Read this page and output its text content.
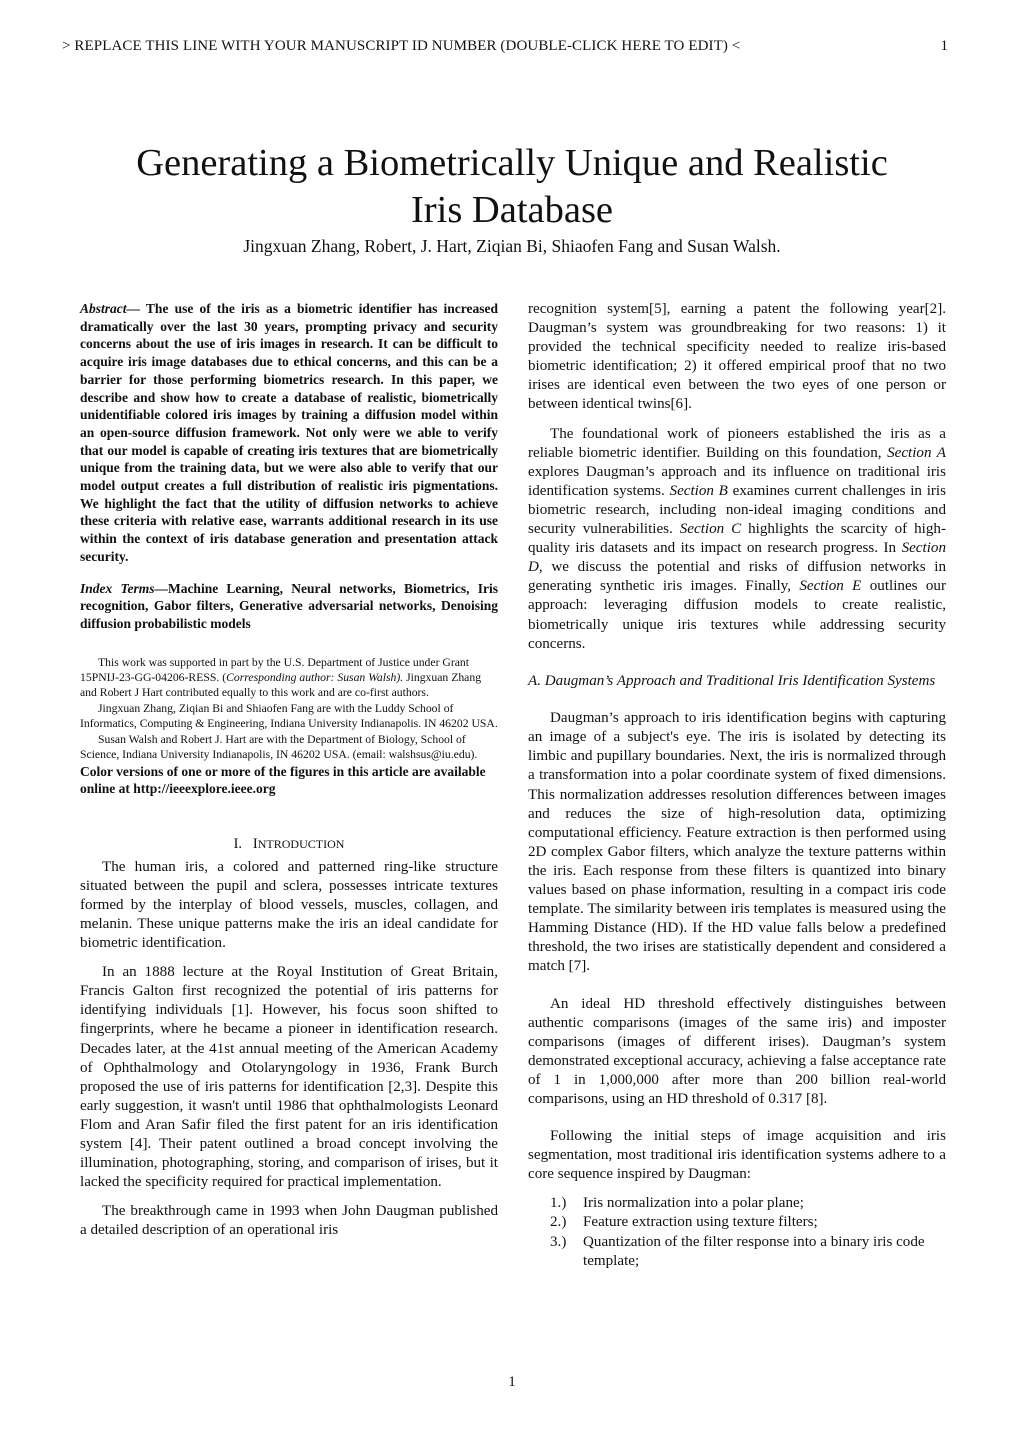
> REPLACE THIS LINE WITH YOUR MANUSCRIPT ID NUMBER (DOUBLE-CLICK HERE TO EDIT) <	1
Generating a Biometrically Unique and Realistic
Iris Database
Jingxuan Zhang, Robert, J. Hart, Ziqian Bi, Shiaofen Fang and Susan Walsh.

Abstract— The use of the iris as a biometric identifier has increased dramatically over the last 30 years, prompting privacy and security concerns about the use of iris images in research. It can be difficult to acquire iris image databases due to ethical concerns, and this can be a barrier for those performing biometrics research. In this paper, we describe and show how to create a database of realistic, biometrically unidentifiable colored iris images by training a diffusion model within an open-source diffusion framework. Not only were we able to verify that our model is capable of creating iris textures that are biometrically unique from the training data, but we were also able to verify that our model output creates a full distribution of realistic iris pigmentations. We highlight the fact that the utility of diffusion networks to achieve these criteria with relative ease, warrants additional research in its use within the context of iris database generation and presentation attack security.

Index Terms—Machine Learning, Neural networks, Biometrics, Iris recognition, Gabor filters, Generative adversarial networks, Denoising diffusion probabilistic models

This work was supported in part by the U.S. Department of Justice under Grant 15PNIJ-23-GG-04206-RESS. (Corresponding author: Susan Walsh). Jingxuan Zhang and Robert J Hart contributed equally to this work and are co-first authors.

Jingxuan Zhang, Ziqian Bi and Shiaofen Fang are with the Luddy School of Informatics, Computing & Engineering, Indiana University Indianapolis. IN 46202 USA.

Susan Walsh and Robert J. Hart are with the Department of Biology, School of Science, Indiana University Indianapolis, IN 46202 USA. (email: walshsus@iu.edu).

Color versions of one or more of the figures in this article are available online at http://ieeexplore.ieee.org

I. INTRODUCTION

The human iris, a colored and patterned ring-like structure situated between the pupil and sclera, possesses intricate textures formed by the interplay of blood vessels, muscles, collagen, and melanin. These unique patterns make the iris an ideal candidate for biometric identification.

In an 1888 lecture at the Royal Institution of Great Britain, Francis Galton first recognized the potential of iris patterns for identifying individuals [1]. However, his focus soon shifted to fingerprints, where he became a pioneer in identification research. Decades later, at the 41st annual meeting of the American Academy of Ophthalmology and Otolaryngology in 1936, Frank Burch proposed the use of iris patterns for identification [2,3]. Despite this early suggestion, it wasn't until 1986 that ophthalmologists Leonard Flom and Aran Safir filed the first patent for an iris identification system [4]. Their patent outlined a broad concept involving the illumination, photographing, storing, and comparison of irises, but it lacked the specificity required for practical implementation.

The breakthrough came in 1993 when John Daugman published a detailed description of an operational iris

recognition system[5], earning a patent the following year[2]. Daugman’s system was groundbreaking for two reasons: 1) it provided the technical specificity needed to realize iris-based biometric identification; 2) it offered empirical proof that no two irises are identical even between the two eyes of one person or between identical twins[6].

The foundational work of pioneers established the iris as a reliable biometric identifier. Building on this foundation, Section A explores Daugman’s approach and its influence on traditional iris identification systems. Section B examines current challenges in iris biometric research, including non-ideal imaging conditions and security vulnerabilities. Section C highlights the scarcity of high-quality iris datasets and its impact on research progress. In Section D, we discuss the potential and risks of diffusion networks in generating synthetic iris images. Finally, Section E outlines our approach: leveraging diffusion models to create realistic, biometrically unique iris textures while addressing security concerns.

A. Daugman’s Approach and Traditional Iris Identification Systems

Daugman’s approach to iris identification begins with capturing an image of a subject's eye. The iris is isolated by detecting its limbic and pupillary boundaries. Next, the iris is normalized through a transformation into a polar coordinate system of fixed dimensions. This normalization addresses resolution differences between images and reduces the size of high-resolution data, optimizing computational efficiency. Feature extraction is then performed using 2D complex Gabor filters, which analyze the texture patterns within the iris. Each response from these filters is quantized into binary values based on phase information, resulting in a compact iris code template. The similarity between iris templates is measured using the Hamming Distance (HD). If the HD value falls below a predefined threshold, the two irises are statistically dependent and considered a match [7].

An ideal HD threshold effectively distinguishes between authentic comparisons (images of the same iris) and imposter comparisons (images of different irises). Daugman’s system demonstrated exceptional accuracy, achieving a false acceptance rate of 1 in 1,000,000 after more than 200 billion real-world comparisons, using an HD threshold of 0.317 [8].

Following the initial steps of image acquisition and iris segmentation, most traditional iris identification systems adhere to a core sequence inspired by Daugman:

1.)	Iris normalization into a polar plane;
2.)	Feature extraction using texture filters;
3.)	Quantization of the filter response into a binary iris code template;
1
